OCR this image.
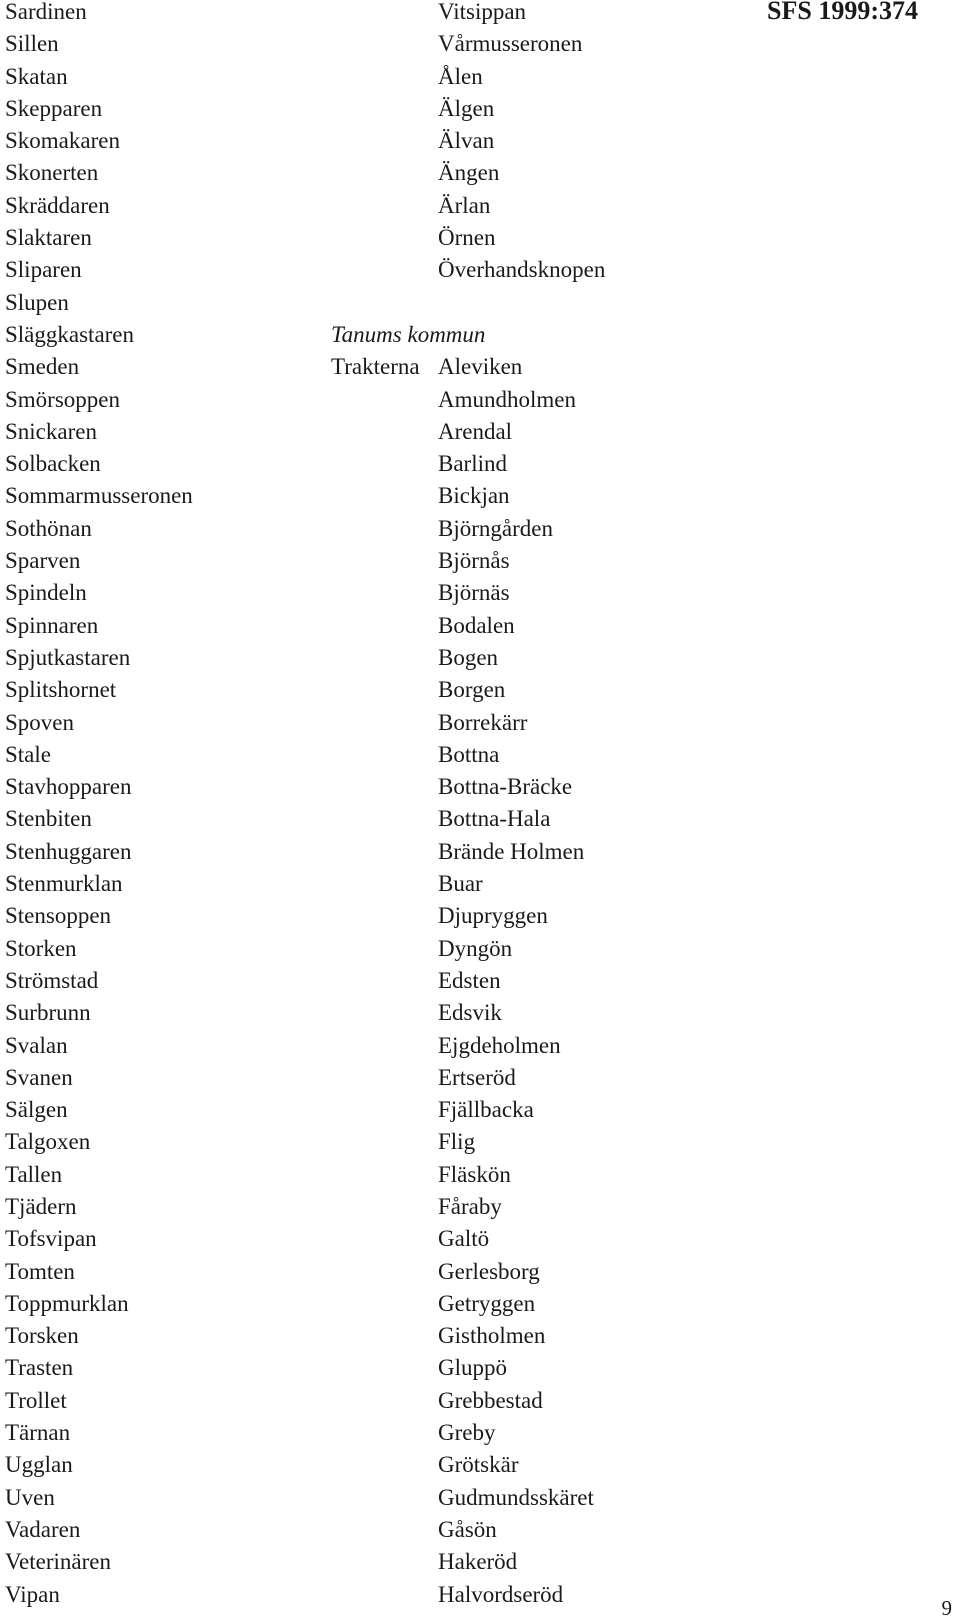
SFS 1999:374
Sardinen
Sillen
Skatan
Skepparen
Skomakaren
Skonerten
Skräddaren
Slaktaren
Sliparen
Slupen
Släggkastaren
Smeden
Smörsoppen
Snickaren
Solbacken
Sommarmusseronen
Sothönan
Sparven
Spindeln
Spinnaren
Spjutkastaren
Splitshornet
Spoven
Stale
Stavhopparen
Stenbiten
Stenhuggaren
Stenmurklan
Stensoppen
Storken
Strömstad
Surbrunn
Svalan
Svanen
Sälgen
Talgoxen
Tallen
Tjädern
Tofsvipan
Tomten
Toppmurklan
Torsken
Trasten
Trollet
Tärnan
Ugglan
Uven
Vadaren
Veterinären
Vipan
Tanums kommun
Trakterna
Vitsippan
Vårmusseronen
Ålen
Älgen
Älvan
Ängen
Ärlan
Örnen
Överhandsknopen
Aleviken
Amundholmen
Arendal
Barlind
Bickjan
Björngården
Björnås
Björnäs
Bodalen
Bogen
Borgen
Borrekärr
Bottna
Bottna-Bräcke
Bottna-Hala
Brände Holmen
Buar
Djupryggen
Dyngön
Edsten
Edsvik
Ejgdeholmen
Ertseröd
Fjällbacka
Flig
Fläskön
Fåraby
Galtö
Gerlesborg
Getryggen
Gistholmen
Gluppö
Grebbestad
Greby
Grötskär
Gudmundsskäret
Gåsön
Hakeröd
Halvordseröd
9
